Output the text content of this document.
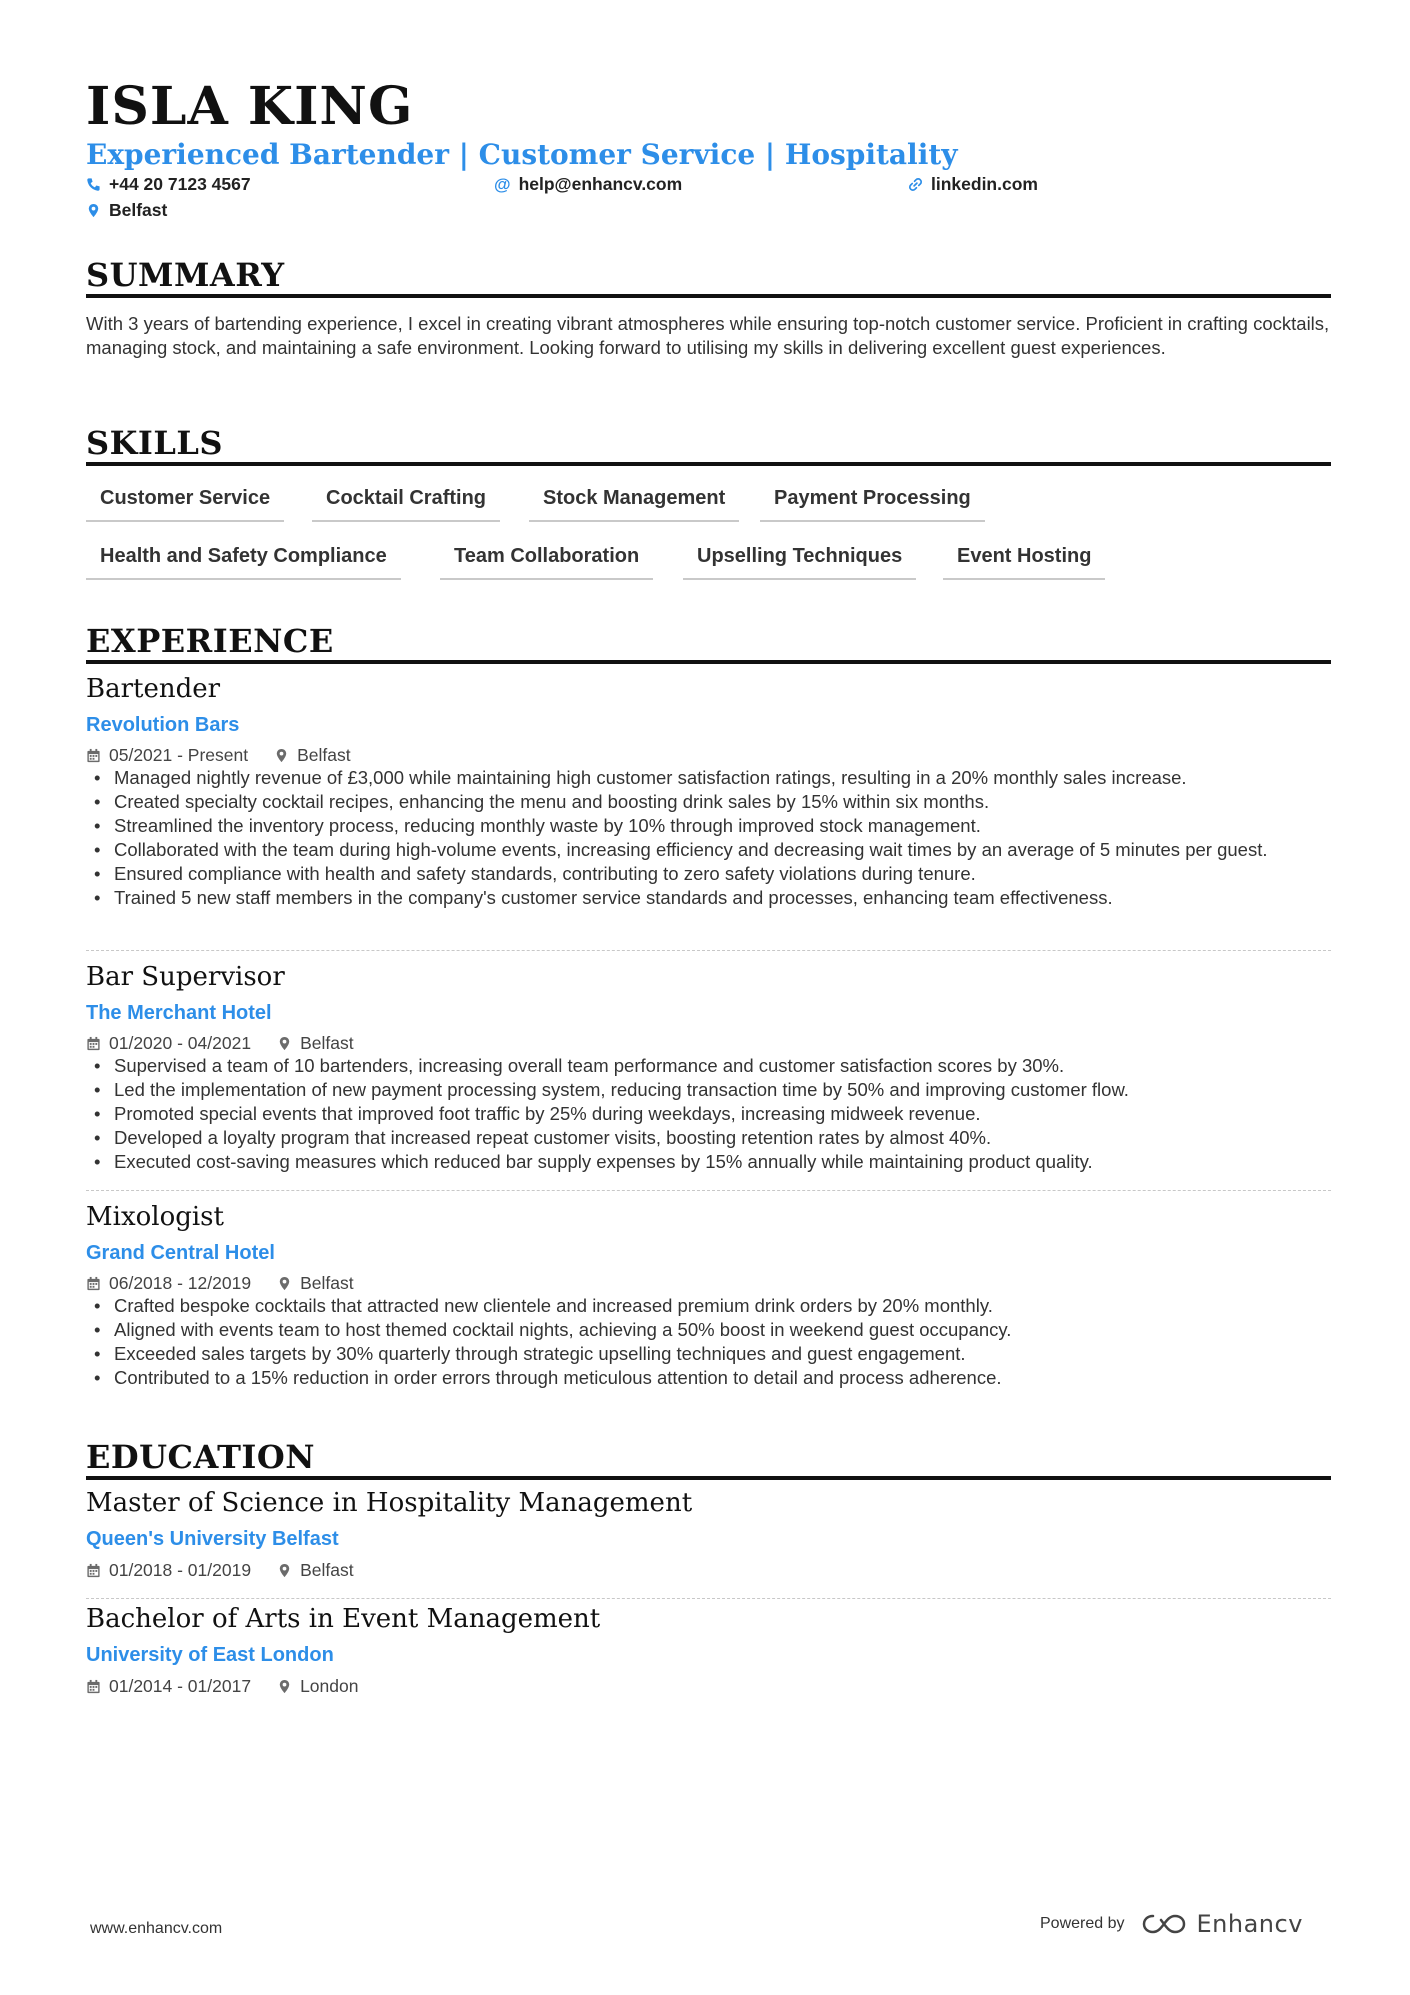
ISLA KING
Experienced Bartender | Customer Service | Hospitality
+44 20 7123 4567	@ help@enhancv.com	linkedin.com
Belfast
SUMMARY
With 3 years of bartending experience, I excel in creating vibrant atmospheres while ensuring top-notch customer service. Proficient in crafting cocktails, managing stock, and maintaining a safe environment. Looking forward to utilising my skills in delivering excellent guest experiences.
SKILLS
Customer Service	Cocktail Crafting	Stock Management	Payment Processing
Health and Safety Compliance	Team Collaboration	Upselling Techniques	Event Hosting
EXPERIENCE
Bartender
Revolution Bars
05/2021 - Present	Belfast
• Managed nightly revenue of £3,000 while maintaining high customer satisfaction ratings, resulting in a 20% monthly sales increase.
• Created specialty cocktail recipes, enhancing the menu and boosting drink sales by 15% within six months.
• Streamlined the inventory process, reducing monthly waste by 10% through improved stock management.
• Collaborated with the team during high-volume events, increasing efficiency and decreasing wait times by an average of 5 minutes per guest.
• Ensured compliance with health and safety standards, contributing to zero safety violations during tenure.
• Trained 5 new staff members in the company's customer service standards and processes, enhancing team effectiveness.
Bar Supervisor
The Merchant Hotel
01/2020 - 04/2021	Belfast
• Supervised a team of 10 bartenders, increasing overall team performance and customer satisfaction scores by 30%.
• Led the implementation of new payment processing system, reducing transaction time by 50% and improving customer flow.
• Promoted special events that improved foot traffic by 25% during weekdays, increasing midweek revenue.
• Developed a loyalty program that increased repeat customer visits, boosting retention rates by almost 40%.
• Executed cost-saving measures which reduced bar supply expenses by 15% annually while maintaining product quality.
Mixologist
Grand Central Hotel
06/2018 - 12/2019	Belfast
• Crafted bespoke cocktails that attracted new clientele and increased premium drink orders by 20% monthly.
• Aligned with events team to host themed cocktail nights, achieving a 50% boost in weekend guest occupancy.
• Exceeded sales targets by 30% quarterly through strategic upselling techniques and guest engagement.
• Contributed to a 15% reduction in order errors through meticulous attention to detail and process adherence.
EDUCATION
Master of Science in Hospitality Management
Queen's University Belfast
01/2018 - 01/2019	Belfast
Bachelor of Arts in Event Management
University of East London
01/2014 - 01/2017	London
www.enhancv.com	Powered by	Enhancv
